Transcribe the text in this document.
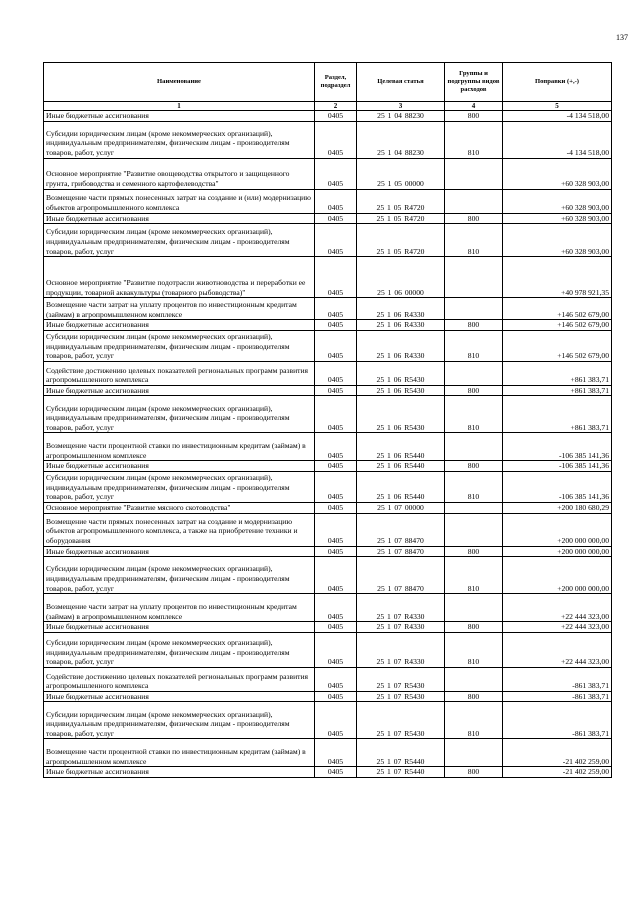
137
Наименование	Раздел, подраздел	Целевая статья	Группы и подгруппы видов расходов	Поправки (+,-)
1	2	3	4	5
Иные бюджетные ассигнования	0405	25 1 04 88230	800	-4 134 518,00
Субсидии юридическим лицам (кроме некоммерческих организаций), индивидуальным предпринимателям, физическим лицам - производителям товаров, работ, услуг	0405	25 1 04 88230	810	-4 134 518,00
Основное мероприятие "Развитие овощеводства открытого и защищенного грунта, грибоводства и семенного картофелеводства"	0405	25 1 05 00000		+60 328 903,00
Возмещение части прямых понесенных затрат на создание и (или) модернизацию объектов агропромышленного комплекса	0405	25 1 05 R4720		+60 328 903,00
Иные бюджетные ассигнования	0405	25 1 05 R4720	800	+60 328 903,00
Субсидии юридическим лицам (кроме некоммерческих организаций), индивидуальным предпринимателям, физическим лицам - производителям товаров, работ, услуг	0405	25 1 05 R4720	810	+60 328 903,00
Основное мероприятие "Развитие подотрасли животноводства и переработки ее продукции, товарной аквакультуры (товарного рыбоводства)"	0405	25 1 06 00000		+40 978 921,35
Возмещение части затрат на уплату процентов по инвестиционным кредитам (займам) в агропромышленном комплексе	0405	25 1 06 R4330		+146 502 679,00
Иные бюджетные ассигнования	0405	25 1 06 R4330	800	+146 502 679,00
Субсидии юридическим лицам (кроме некоммерческих организаций), индивидуальным предпринимателям, физическим лицам - производителям товаров, работ, услуг	0405	25 1 06 R4330	810	+146 502 679,00
Содействие достижению целевых показателей региональных программ развития агропромышленного комплекса	0405	25 1 06 R5430		+861 383,71
Иные бюджетные ассигнования	0405	25 1 06 R5430	800	+861 383,71
Субсидии юридическим лицам (кроме некоммерческих организаций), индивидуальным предпринимателям, физическим лицам - производителям товаров, работ, услуг	0405	25 1 06 R5430	810	+861 383,71
Возмещение части процентной ставки по инвестиционным кредитам (займам) в агропромышленном комплексе	0405	25 1 06 R5440		-106 385 141,36
Иные бюджетные ассигнования	0405	25 1 06 R5440	800	-106 385 141,36
Субсидии юридическим лицам (кроме некоммерческих организаций), индивидуальным предпринимателям, физическим лицам - производителям товаров, работ, услуг	0405	25 1 06 R5440	810	-106 385 141,36
Основное мероприятие "Развитие мясного скотоводства"	0405	25 1 07 00000		+200 180 680,29
Возмещение части прямых понесенных затрат на создание и модернизацию объектов агропромышленного комплекса, а также на приобретение техники и оборудования	0405	25 1 07 88470		+200 000 000,00
Иные бюджетные ассигнования	0405	25 1 07 88470	800	+200 000 000,00
Субсидии юридическим лицам (кроме некоммерческих организаций), индивидуальным предпринимателям, физическим лицам - производителям товаров, работ, услуг	0405	25 1 07 88470	810	+200 000 000,00
Возмещение части затрат на уплату процентов по инвестиционным кредитам (займам) в агропромышленном комплексе	0405	25 1 07 R4330		+22 444 323,00
Иные бюджетные ассигнования	0405	25 1 07 R4330	800	+22 444 323,00
Субсидии юридическим лицам (кроме некоммерческих организаций), индивидуальным предпринимателям, физическим лицам - производителям товаров, работ, услуг	0405	25 1 07 R4330	810	+22 444 323,00
Содействие достижению целевых показателей региональных программ развития агропромышленного комплекса	0405	25 1 07 R5430		-861 383,71
Иные бюджетные ассигнования	0405	25 1 07 R5430	800	-861 383,71
Субсидии юридическим лицам (кроме некоммерческих организаций), индивидуальным предпринимателям, физическим лицам - производителям товаров, работ, услуг	0405	25 1 07 R5430	810	-861 383,71
Возмещение части процентной ставки по инвестиционным кредитам (займам) в агропромышленном комплексе	0405	25 1 07 R5440		-21 402 259,00
Иные бюджетные ассигнования	0405	25 1 07 R5440	800	-21 402 259,00
